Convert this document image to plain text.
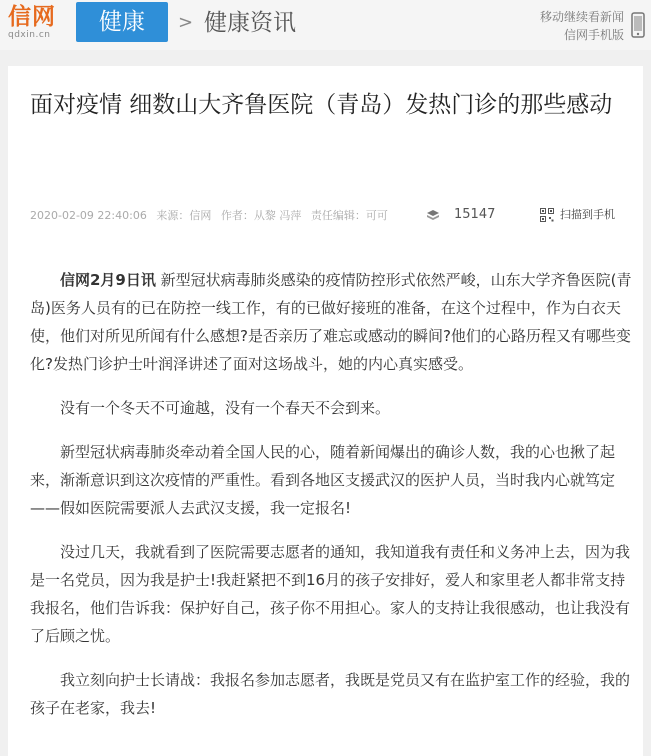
信网
qdxin.cn	健康	> 健康资讯	移动继续看新闻
信网手机版
面对疫情 细数山大齐鲁医院（青岛）发热门诊的那些感动
2020-02-09 22:40:06 来源：信网 作者：从黎 冯萍 责任编辑：可可	15147	扫描到手机

信网2月9日讯 新型冠状病毒肺炎感染的疫情防控形式依然严峻，山东大学齐鲁医院(青岛)医务人员有的已在防控一线工作，有的已做好接班的准备，在这个过程中，作为白衣天使，他们对所见所闻有什么感想?是否亲历了难忘或感动的瞬间?他们的心路历程又有哪些变化?发热门诊护士叶润泽讲述了面对这场战斗，她的内心真实感受。

没有一个冬天不可逾越，没有一个春天不会到来。

新型冠状病毒肺炎牵动着全国人民的心，随着新闻爆出的确诊人数，我的心也揪了起来，渐渐意识到这次疫情的严重性。看到各地区支援武汉的医护人员，当时我内心就笃定——假如医院需要派人去武汉支援，我一定报名!

没过几天，我就看到了医院需要志愿者的通知，我知道我有责任和义务冲上去，因为我是一名党员，因为我是护士!我赶紧把不到16月的孩子安排好，爱人和家里老人都非常支持我报名，他们告诉我：保护好自己，孩子你不用担心。家人的支持让我很感动，也让我没有了后顾之忧。

我立刻向护士长请战：我报名参加志愿者，我既是党员又有在监护室工作的经验，我的孩子在老家，我去!
